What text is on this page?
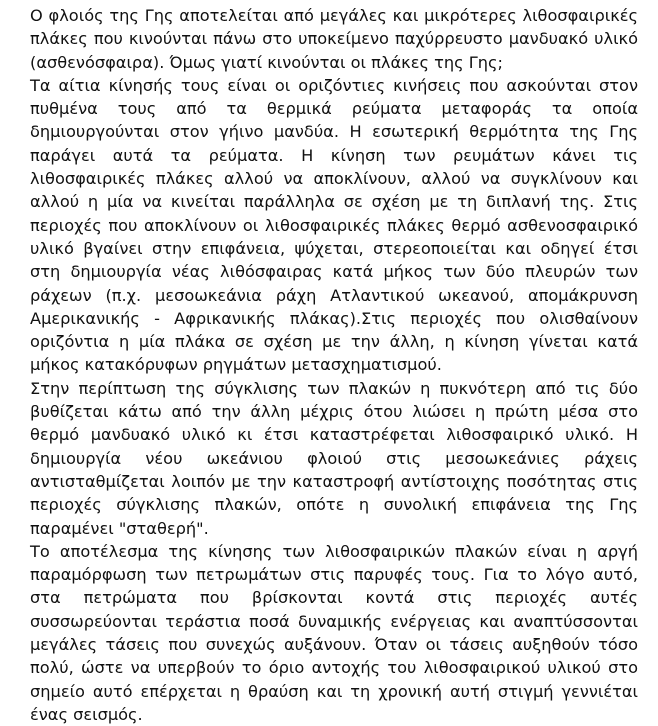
Ο φλοιός της Γης αποτελείται από μεγάλες και μικρότερες λιθοσφαιρικές πλάκες που κινούνται πάνω στο υποκείμενο παχύρρευστο μανδυακό υλικό (ασθενόσφαιρα). Όμως γιατί κινούνται οι πλάκες της Γης;

Τα αίτια κίνησής τους είναι οι οριζόντιες κινήσεις που ασκούνται στον πυθμένα τους από τα θερμικά ρεύματα μεταφοράς τα οποία δημιουργούνται στον γήινο μανδύα. Η εσωτερική θερμότητα της Γης παράγει αυτά τα ρεύματα. Η κίνηση των ρευμάτων κάνει τις λιθοσφαιρικές πλάκες αλλού να αποκλίνουν, αλλού να συγκλίνουν και αλλού η μία να κινείται παράλληλα σε σχέση με τη διπλανή της. Στις περιοχές που αποκλίνουν οι λιθοσφαιρικές πλάκες θερμό ασθενοσφαιρικό υλικό βγαίνει στην επιφάνεια, ψύχεται, στερεοποιείται και οδηγεί έτσι στη δημιουργία νέας λιθόσφαιρας κατά μήκος των δύο πλευρών των ράχεων (π.χ. μεσοωκεάνια ράχη Ατλαντικού ωκεανού, απομάκρυνση Αμερικανικής - Αφρικανικής πλάκας).Στις περιοχές που ολισθαίνουν οριζόντια η μία πλάκα σε σχέση με την άλλη, η κίνηση γίνεται κατά μήκος κατακόρυφων ρηγμάτων μετασχηματισμού.

Στην περίπτωση της σύγκλισης των πλακών η πυκνότερη από τις δύο βυθίζεται κάτω από την άλλη μέχρις ότου λιώσει η πρώτη μέσα στο θερμό μανδυακό υλικό κι έτσι καταστρέφεται λιθοσφαιρικό υλικό. Η δημιουργία νέου ωκεάνιου φλοιού στις μεσοωκεάνιες ράχεις αντισταθμίζεται λοιπόν με την καταστροφή αντίστοιχης ποσότητας στις περιοχές σύγκλισης πλακών, οπότε η συνολική επιφάνεια της Γης παραμένει "σταθερή".

Το αποτέλεσμα της κίνησης των λιθοσφαιρικών πλακών είναι η αργή παραμόρφωση των πετρωμάτων στις παρυφές τους. Για το λόγο αυτό, στα πετρώματα που βρίσκονται κοντά στις περιοχές αυτές συσσωρεύονται τεράστια ποσά δυναμικής ενέργειας και αναπτύσσονται μεγάλες τάσεις που συνεχώς αυξάνουν. Όταν οι τάσεις αυξηθούν τόσο πολύ, ώστε να υπερβούν το όριο αντοχής του λιθοσφαιρικού υλικού στο σημείο αυτό επέρχεται η θραύση και τη χρονική αυτή στιγμή γεννιέται ένας σεισμός.
